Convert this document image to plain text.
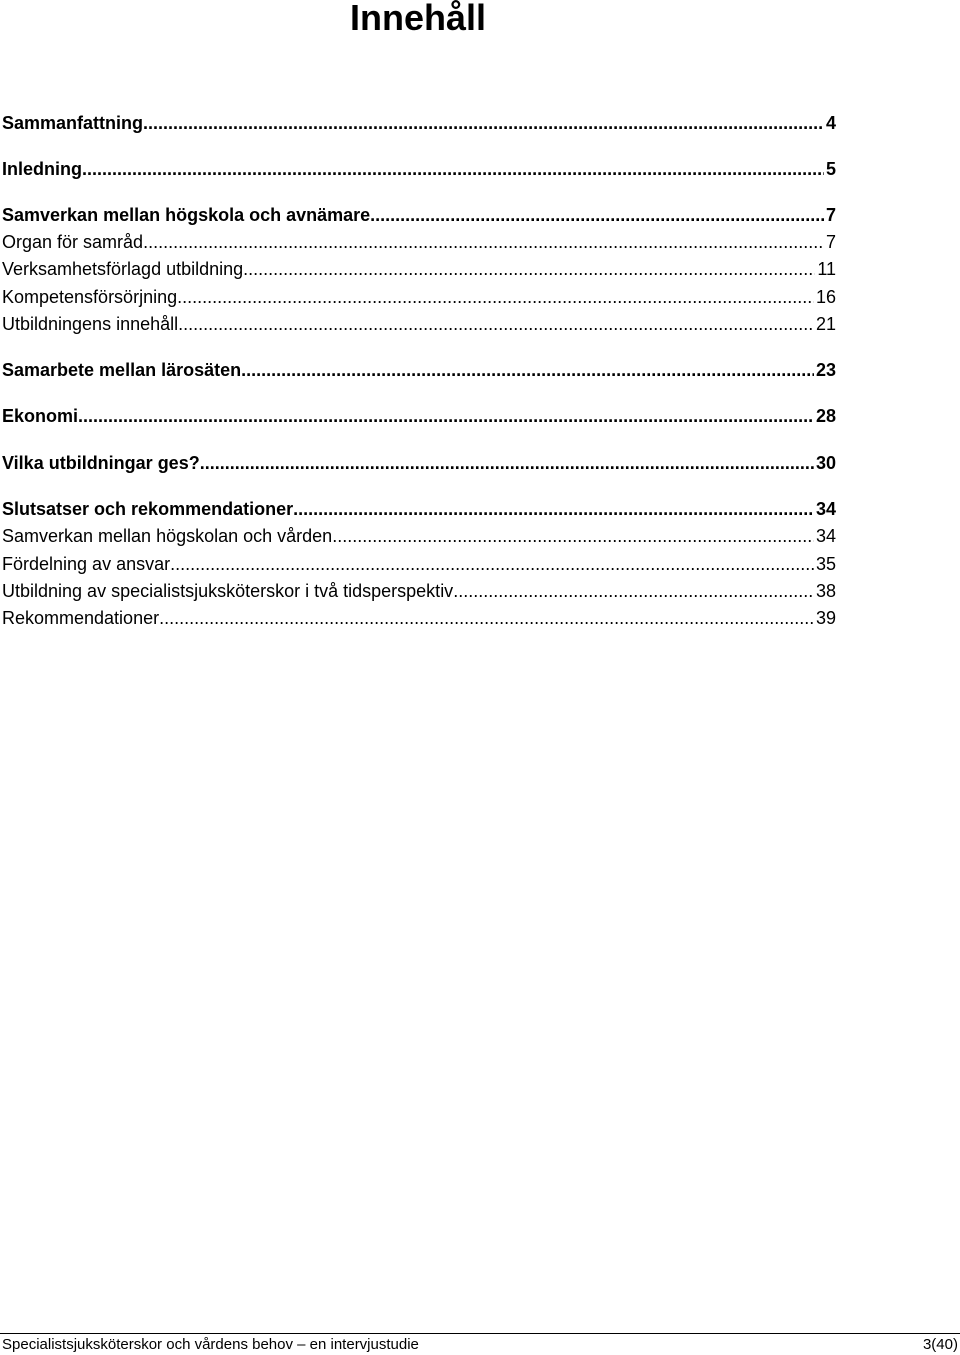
Innehåll
Sammanfattning .....	4
Inledning .....	5
Samverkan mellan högskola och avnämare .....	7
Organ för samråd .....	7
Verksamhetsförlagd utbildning .....	11
Kompetensförsörjning .....	16
Utbildningens innehåll .....	21
Samarbete mellan lärosäten .....	23
Ekonomi .....	28
Vilka utbildningar ges? .....	30
Slutsatser och rekommendationer .....	34
Samverkan mellan högskolan och vården .....	34
Fördelning av ansvar .....	35
Utbildning av specialistsjuksköterskor i två tidsperspektiv .....	38
Rekommendationer .....	39
Specialistsjuksköterskor och vårdens behov – en intervjustudie	3(40)
